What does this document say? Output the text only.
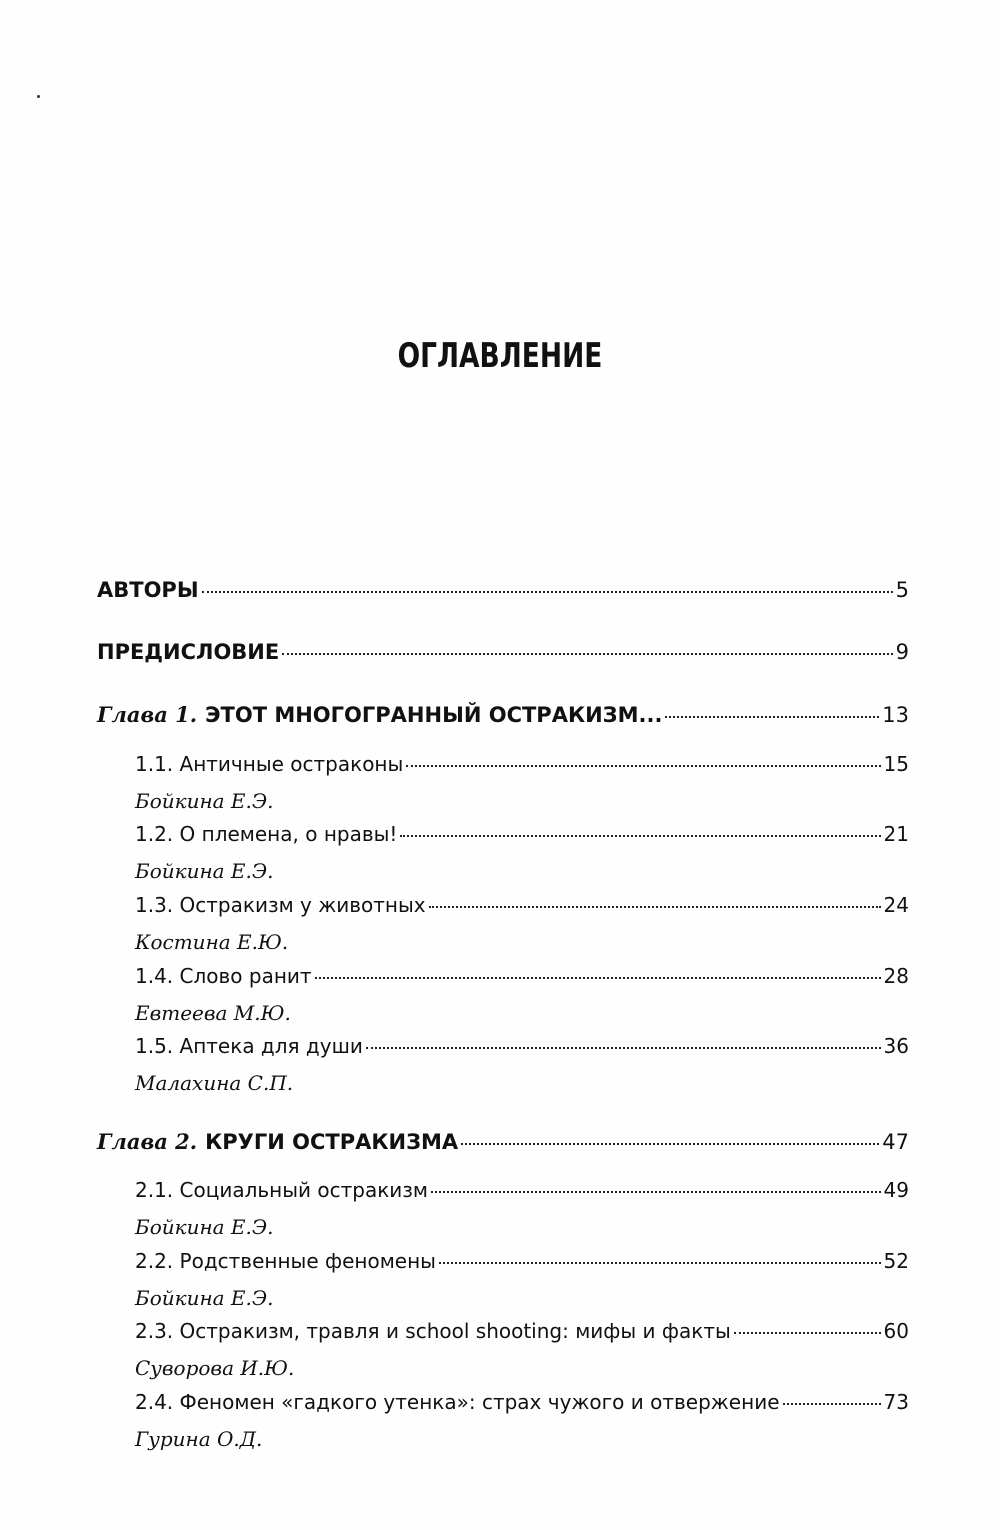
ОГЛАВЛЕНИЕ
АВТОРЫ	5
ПРЕДИСЛОВИЕ	9
Глава 1. ЭТОТ МНОГОГРАННЫЙ ОСТРАКИЗМ...	13
1.1. Античные остраконы	15
Бойкина Е.Э.
1.2. О племена, о нравы!	21
Бойкина Е.Э.
1.3. Остракизм у животных	24
Костина Е.Ю.
1.4. Слово ранит	28
Евтеева М.Ю.
1.5. Аптека для души	36
Малахина С.П.
Глава 2. КРУГИ ОСТРАКИЗМА	47
2.1. Социальный остракизм	49
Бойкина Е.Э.
2.2. Родственные феномены	52
Бойкина Е.Э.
2.3. Остракизм, травля и school shooting: мифы и факты	60
Суворова И.Ю.
2.4. Феномен «гадкого утенка»: страх чужого и отвержение	73
Гурина О.Д.
